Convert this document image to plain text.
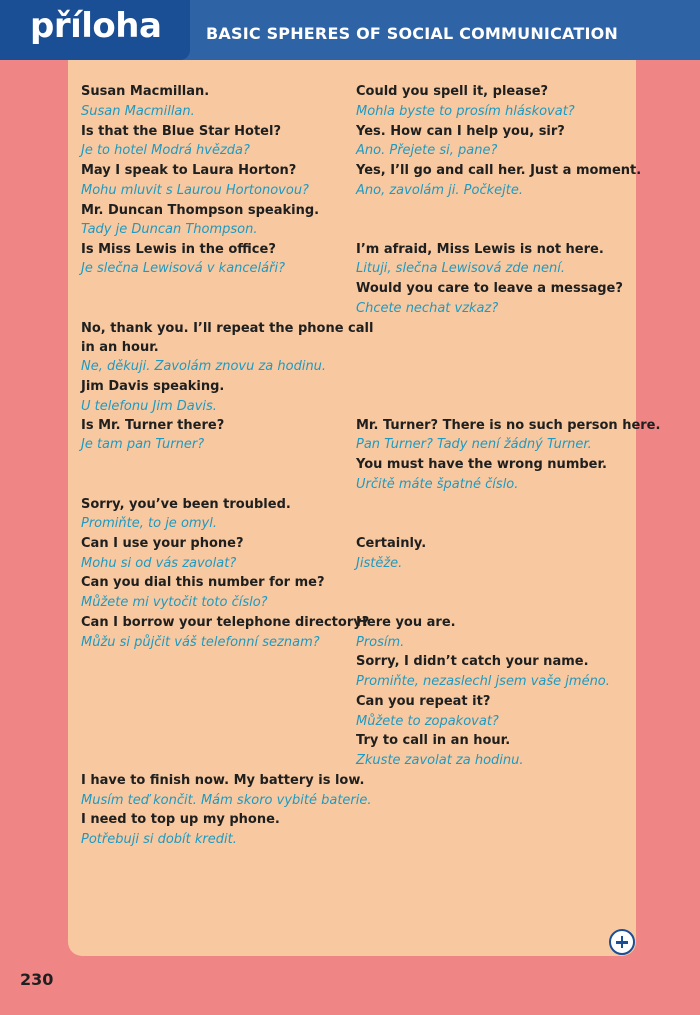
příloha	BASIC SPHERES OF SOCIAL COMMUNICATION
Susan Macmillan.
Susan Macmillan.
Is that the Blue Star Hotel?
Je to hotel Modrá hvězda?
May I speak to Laura Horton?
Mohu mluvit s Laurou Hortonovou?
Mr. Duncan Thompson speaking.
Tady je Duncan Thompson.
Is Miss Lewis in the office?
Je slečna Lewisová v kanceláři?
No, thank you. I’ll repeat the phone call
in an hour.
Ne, děkuji. Zavolám znovu za hodinu.
Jim Davis speaking.
U telefonu Jim Davis.
Is Mr. Turner there?
Je tam pan Turner?
Sorry, you’ve been troubled.
Promiňte, to je omyl.
Can I use your phone?
Mohu si od vás zavolat?
Can you dial this number for me?
Můžete mi vytočit toto číslo?
Can I borrow your telephone directory?
Můžu si půjčit váš telefonní seznam?
I have to finish now. My battery is low.
Musím teď končit. Mám skoro vybité baterie.
I need to top up my phone.
Potřebuji si dobít kredit.
Could you spell it, please?
Mohla byste to prosím hláskovat?
Yes. How can I help you, sir?
Ano. Přejete si, pane?
Yes, I’ll go and call her. Just a moment.
Ano, zavolám ji. Počkejte.
I’m afraid, Miss Lewis is not here.
Lituji, slečna Lewisová zde není.
Would you care to leave a message?
Chcete nechat vzkaz?
Mr. Turner? There is no such person here.
Pan Turner? Tady není žádný Turner.
You must have the wrong number.
Určitě máte špatné číslo.
Certainly.
Jistěže.
Here you are.
Prosím.
Sorry, I didn’t catch your name.
Promiňte, nezaslechl jsem vaše jméno.
Can you repeat it?
Můžete to zopakovat?
Try to call in an hour.
Zkuste zavolat za hodinu.
230
